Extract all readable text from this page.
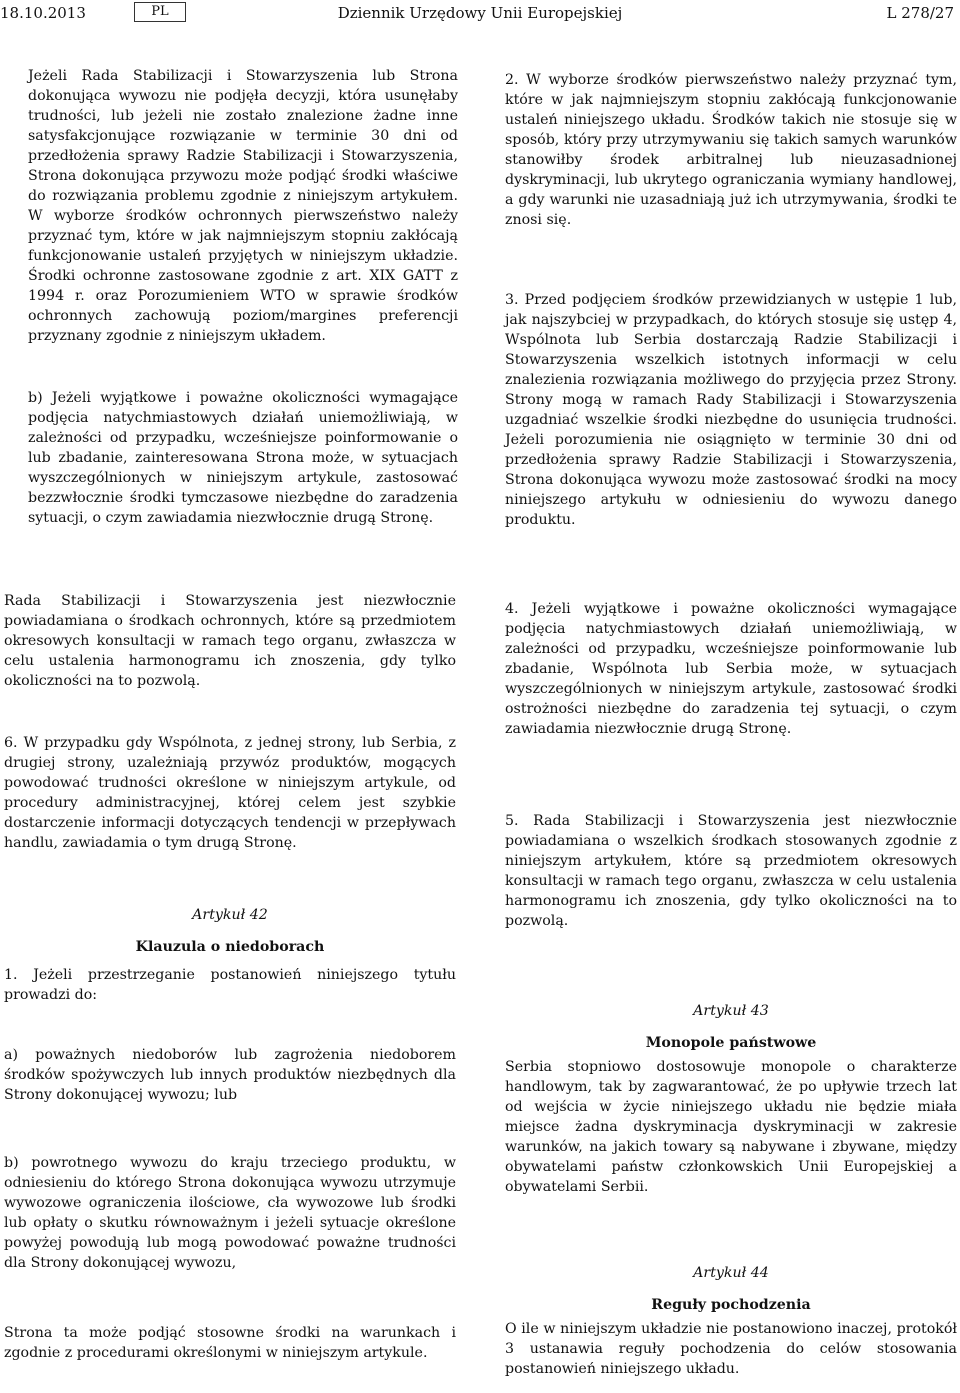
18.10.2013	PL	Dziennik Urzędowy Unii Europejskiej	L 278/27

Jeżeli Rada Stabilizacji i Stowarzyszenia lub Strona dokonująca wywozu nie podjęła decyzji, która usunęłaby trudności, lub jeżeli nie zostało znalezione żadne inne satysfakcjonujące rozwiązanie w terminie 30 dni od przedłożenia sprawy Radzie Stabilizacji i Stowarzyszenia, Strona dokonująca przywozu może podjąć środki właściwe do rozwiązania problemu zgodnie z niniejszym artykułem. W wyborze środków ochronnych pierwszeństwo należy przyznać tym, które w jak najmniejszym stopniu zakłócają funkcjonowanie ustaleń przyjętych w niniejszym układzie. Środki ochronne zastosowane zgodnie z art. XIX GATT z 1994 r. oraz Porozumieniem WTO w sprawie środków ochronnych zachowują poziom/margines preferencji przyznany zgodnie z niniejszym układem.

b) Jeżeli wyjątkowe i poważne okoliczności wymagające podjęcia natychmiastowych działań uniemożliwiają, w zależności od przypadku, wcześniejsze poinformowanie o lub zbadanie, zainteresowana Strona może, w sytuacjach wyszczególnionych w niniejszym artykule, zastosować bezzwłocznie środki tymczasowe niezbędne do zaradzenia sytuacji, o czym zawiadamia niezwłocznie drugą Stronę.

2. W wyborze środków pierwszeństwo należy przyznać tym, które w jak najmniejszym stopniu zakłócają funkcjonowanie ustaleń niniejszego układu. Środków takich nie stosuje się w sposób, który przy utrzymywaniu się takich samych warunków stanowiłby środek arbitralnej lub nieuzasadnionej dyskryminacji, lub ukrytego ograniczania wymiany handlowej, a gdy warunki nie uzasadniają już ich utrzymywania, środki te znosi się.

3. Przed podjęciem środków przewidzianych w ustępie 1 lub, jak najszybciej w przypadkach, do których stosuje się ustęp 4, Wspólnota lub Serbia dostarczają Radzie Stabilizacji i Stowarzyszenia wszelkich istotnych informacji w celu znalezienia rozwiązania możliwego do przyjęcia przez Strony. Strony mogą w ramach Rady Stabilizacji i Stowarzyszenia uzgadniać wszelkie środki niezbędne do usunięcia trudności. Jeżeli porozumienia nie osiągnięto w terminie 30 dni od przedłożenia sprawy Radzie Stabilizacji i Stowarzyszenia, Strona dokonująca wywozu może zastosować środki na mocy niniejszego artykułu w odniesieniu do wywozu danego produktu.

Rada Stabilizacji i Stowarzyszenia jest niezwłocznie powiadamiana o środkach ochronnych, które są przedmiotem okresowych konsultacji w ramach tego organu, zwłaszcza w celu ustalenia harmonogramu ich znoszenia, gdy tylko okoliczności na to pozwolą.

6. W przypadku gdy Wspólnota, z jednej strony, lub Serbia, z drugiej strony, uzależniają przywóz produktów, mogących powodować trudności określone w niniejszym artykule, od procedury administracyjnej, której celem jest szybkie dostarczenie informacji dotyczących tendencji w przepływach handlu, zawiadamia o tym drugą Stronę.

Artykuł 42

Klauzula o niedoborach

1. Jeżeli przestrzeganie postanowień niniejszego tytułu prowadzi do:

a) poważnych niedoborów lub zagrożenia niedoborem środków spożywczych lub innych produktów niezbędnych dla Strony dokonującej wywozu; lub

b) powrotnego wywozu do kraju trzeciego produktu, w odniesieniu do którego Strona dokonująca wywozu utrzymuje wywozowe ograniczenia ilościowe, cła wywozowe lub środki lub opłaty o skutku równoważnym i jeżeli sytuacje określone powyżej powodują lub mogą powodować poważne trudności dla Strony dokonującej wywozu,

Strona ta może podjąć stosowne środki na warunkach i zgodnie z procedurami określonymi w niniejszym artykule.

4. Jeżeli wyjątkowe i poważne okoliczności wymagające podjęcia natychmiastowych działań uniemożliwiają, w zależności od przypadku, wcześniejsze poinformowanie lub zbadanie, Wspólnota lub Serbia może, w sytuacjach wyszczególnionych w niniejszym artykule, zastosować środki ostrożności niezbędne do zaradzenia tej sytuacji, o czym zawiadamia niezwłocznie drugą Stronę.

5. Rada Stabilizacji i Stowarzyszenia jest niezwłocznie powiadamiana o wszelkich środkach stosowanych zgodnie z niniejszym artykułem, które są przedmiotem okresowych konsultacji w ramach tego organu, zwłaszcza w celu ustalenia harmonogramu ich znoszenia, gdy tylko okoliczności na to pozwolą.

Artykuł 43

Monopole państwowe

Serbia stopniowo dostosowuje monopole o charakterze handlowym, tak by zagwarantować, że po upływie trzech lat od wejścia w życie niniejszego układu nie będzie miała miejsce żadna dyskryminacja dyskryminacji w zakresie warunków, na jakich towary są nabywane i zbywane, między obywatelami państw członkowskich Unii Europejskiej a obywatelami Serbii.

Artykuł 44

Reguły pochodzenia

O ile w niniejszym układzie nie postanowiono inaczej, protokół 3 ustanawia reguły pochodzenia do celów stosowania postanowień niniejszego układu.
